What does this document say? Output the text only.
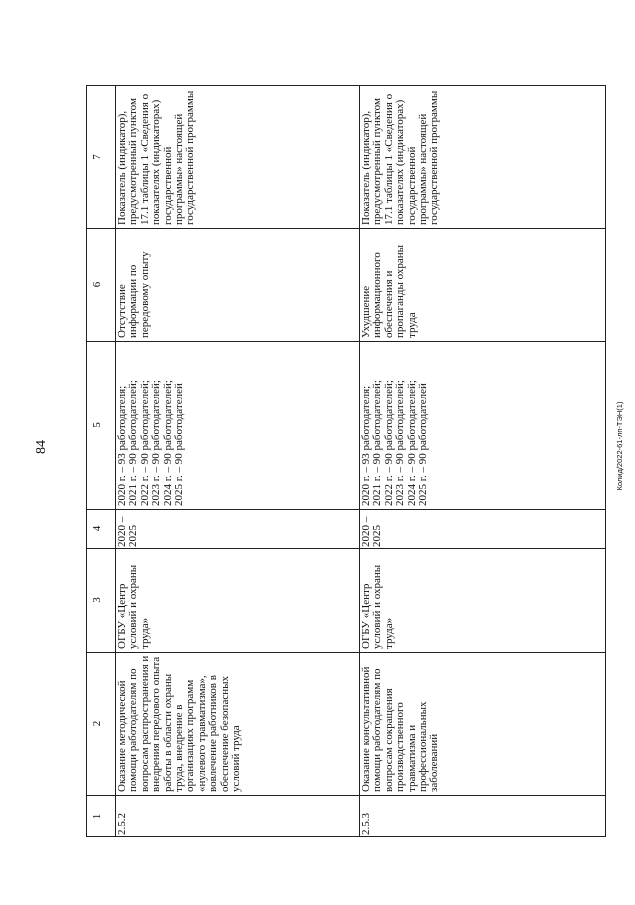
84	Колид/2022-61-лп-ТЭН(1)
7
6
5
4
3
2
1	2.5.2
Оказание методической помощи работодателям по вопросам распространения и внедрения передового опыта работы в области охраны труда, внедрение в организациях программ «нулевого травматизма», вовлечение работников в обеспечение безопасных условий труда
ОГБУ «Центр условий и охраны труда»
2020 – 2025
2020 г. – 93 работодателя; 2021 г. – 90 работодателей; 2022 г. – 90 работодателей; 2023 г. – 90 работодателей; 2024 г. – 90 работодателей; 2025 г. – 90 работодателей
Отсутствие информации по передовому опыту
Показатель (индикатор), предусмотренный пунктом 17.1 таблицы 1 «Сведения о показателях (индикаторах) государственной программы» настоящей государственной программы
2.5.3
Оказание консультативной помощи работодателям по вопросам сокращения производственного травматизма и профессиональных заболеваний
ОГБУ «Центр условий и охраны труда»
2020 – 2025
2020 г. – 93 работодателя; 2021 г. – 90 работодателей; 2022 г. – 90 работодателей; 2023 г. – 90 работодателей; 2024 г. – 90 работодателей; 2025 г. – 90 работодателей
Ухудшение информационного обеспечения и пропаганды охраны труда
Показатель (индикатор), предусмотренный пунктом 17.1 таблицы 1 «Сведения о показателях (индикаторах) государственной программы» настоящей государственной программы
